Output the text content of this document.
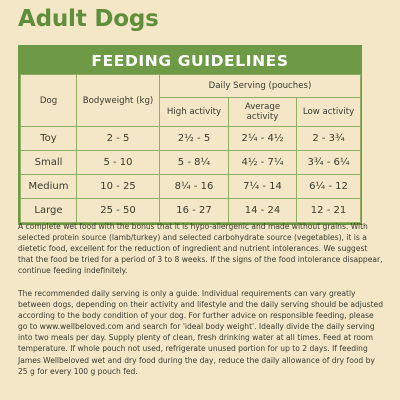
Adult Dogs
FEEDING GUIDELINES
Dog	Bodyweight (kg)	Daily Serving (pouches)		
		High activity	Average activity	Low activity
Toy	2 - 5	2½ - 5	2¼ - 4½	2 - 3¾
Small	5 - 10	5 - 8¼	4½ - 7¼	3¾ - 6¼
Medium	10 - 25	8¼ - 16	7¼ - 14	6¼ - 12
Large	25 - 50	16 - 27	14 - 24	12 - 21

A complete wet food with the bonus that it is hypo-allergenic and made without grains. With selected protein source (lamb/turkey) and selected carbohydrate source (vegetables), it is a dietetic food, excellent for the reduction of ingredient and nutrient intolerances. We suggest that the food be tried for a period of 3 to 8 weeks. If the signs of the food intolerance disappear, continue feeding indefinitely.

The recommended daily serving is only a guide. Individual requirements can vary greatly between dogs, depending on their activity and lifestyle and the daily serving should be adjusted according to the body condition of your dog. For further advice on responsible feeding, please go to www.wellbeloved.com and search for 'ideal body weight'. Ideally divide the daily serving into two meals per day. Supply plenty of clean, fresh drinking water at all times. Feed at room temperature. If whole pouch not used, refrigerate unused portion for up to 2 days. If feeding James Wellbeloved wet and dry food during the day, reduce the daily allowance of dry food by 25 g for every 100 g pouch fed.
